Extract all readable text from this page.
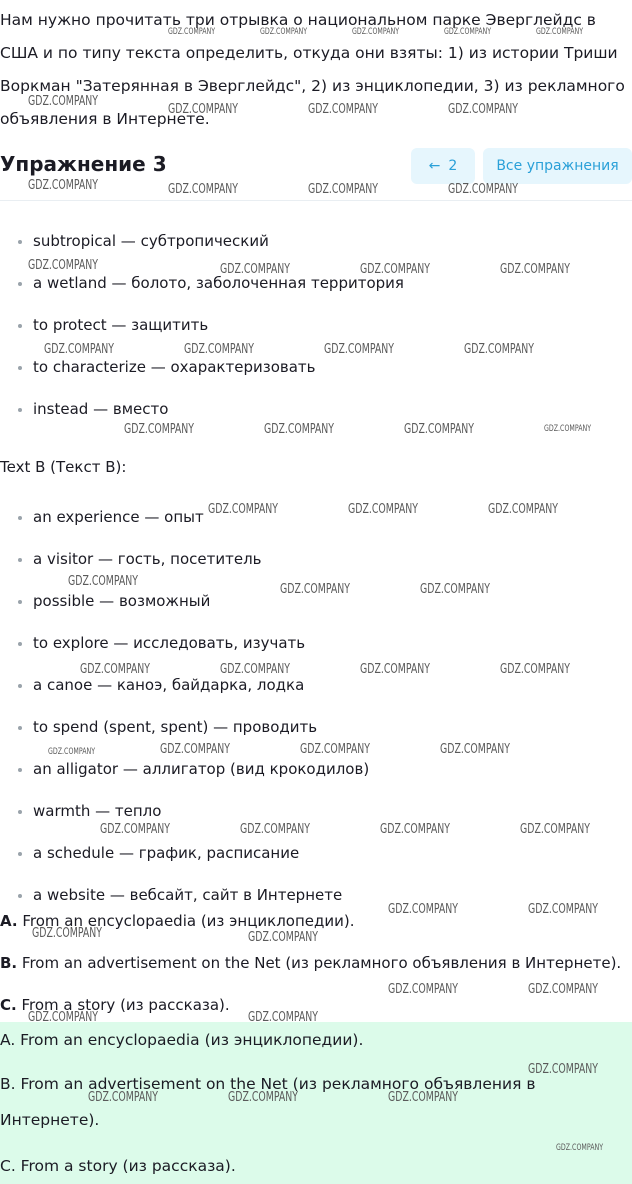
Нам нужно прочитать три отрывка о национальном парке Эверглейдс в США и по типу текста определить, откуда они взяты: 1) из истории Триши Воркман "Затерянная в Эверглейдс", 2) из энциклопедии, 3) из рекламного объявления в Интернете.

Упражнение 3	← 2	Все упражнения
subtropical — субтропический
a wetland — болото, заболоченная территория
to protect — защитить
to characterize — охарактеризовать
instead — вместо

Text B (Текст B):

an experience — опыт
a visitor — гость, посетитель
possible — возможный
to explore — исследовать, изучать
a canoe — каноэ, байдарка, лодка
to spend (spent, spent) — проводить
an alligator — аллигатор (вид крокодилов)
warmth — тепло
a schedule — график, расписание
a website — вебсайт, сайт в Интернете

A. From an encyclopaedia (из энциклопедии).

B. From an advertisement on the Net (из рекламного объявления в Интернете).

C. From a story (из рассказа).

A. From an encyclopaedia (из энциклопедии).

B. From an advertisement on the Net (из рекламного объявления в Интернете).

C. From a story (из рассказа).

GDZ.COMPANY	GDZ.COMPANY	GDZ.COMPANY	GDZ.COMPANY	GDZ.COMPANY
GDZ.COMPANY
GDZ.COMPANY	GDZ.COMPANY	GDZ.COMPANY
GDZ.COMPANY	GDZ.COMPANY	GDZ.COMPANY	GDZ.COMPANY
GDZ.COMPANY	GDZ.COMPANY	GDZ.COMPANY	GDZ.COMPANY
GDZ.COMPANY	GDZ.COMPANY	GDZ.COMPANY	GDZ.COMPANY
GDZ.COMPANY	GDZ.COMPANY	GDZ.COMPANY	GDZ.COMPANY
GDZ.COMPANY	GDZ.COMPANY	GDZ.COMPANY
GDZ.COMPANY
GDZ.COMPANY	GDZ.COMPANY
GDZ.COMPANY	GDZ.COMPANY	GDZ.COMPANY	GDZ.COMPANY
GDZ.COMPANY	GDZ.COMPANY	GDZ.COMPANY	GDZ.COMPANY
GDZ.COMPANY	GDZ.COMPANY	GDZ.COMPANY	GDZ.COMPANY
GDZ.COMPANY	GDZ.COMPANY
GDZ.COMPANY	GDZ.COMPANY
GDZ.COMPANY	GDZ.COMPANY
GDZ.COMPANY	GDZ.COMPANY
GDZ.COMPANY
GDZ.COMPANY	GDZ.COMPANY	GDZ.COMPANY
GDZ.COMPANY
